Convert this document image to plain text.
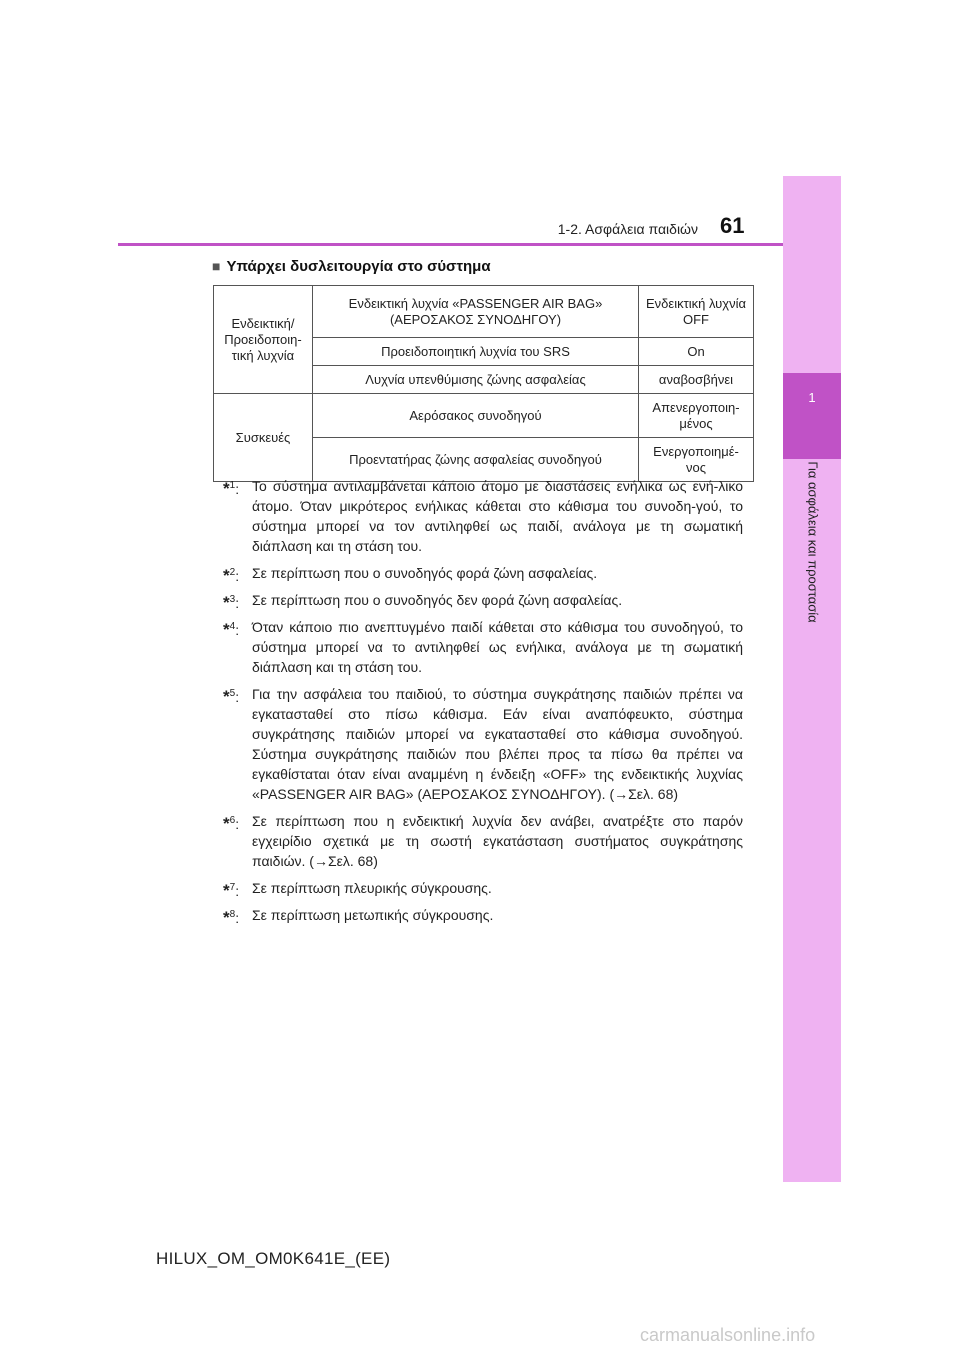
1
Για ασφάλεια και προστασία
1-2. Ασφάλεια παιδιών 61
■ Υπάρχει δυσλειτουργία στο σύστημα
Ενδεικτική/ Προειδοποιη-τική λυχνία	Ενδεικτική λυχνία «PASSENGER AIR BAG» (ΑΕΡΟΣΑΚΟΣ ΣΥΝΟΔΗΓΟΥ)	Ενδεικτική λυχνία OFF
	Προειδοποιητική λυχνία του SRS	On
	Λυχνία υπενθύμισης ζώνης ασφαλείας	αναβοσβήνει
Συσκευές	Αερόσακος συνοδηγού	Απενεργοποιη-μένος
	Προεντατήρας ζώνης ασφαλείας συνοδηγού	Ενεργοποιημέ-νος
*$^1$: Το σύστημα αντιλαμβάνεται κάποιο άτομο με διαστάσεις ενήλικα ως ενή-λικο άτομο. Όταν μικρότερος ενήλικας κάθεται στο κάθισμα του συνοδη-γού, το σύστημα μπορεί να τον αντιληφθεί ως παιδί, ανάλογα με τη σωματική διάπλαση και τη στάση του.
*$^2$: Σε περίπτωση που ο συνοδηγός φορά ζώνη ασφαλείας.
*$^3$: Σε περίπτωση που ο συνοδηγός δεν φορά ζώνη ασφαλείας.
*$^4$: Όταν κάποιο πιο ανεπτυγμένο παιδί κάθεται στο κάθισμα του συνοδηγού, το σύστημα μπορεί να το αντιληφθεί ως ενήλικα, ανάλογα με τη σωματική διάπλαση και τη στάση του.
*$^5$: Για την ασφάλεια του παιδιού, το σύστημα συγκράτησης παιδιών πρέπει να εγκατασταθεί στο πίσω κάθισμα. Εάν είναι αναπόφευκτο, σύστημα συγκράτησης παιδιών μπορεί να εγκατασταθεί στο κάθισμα συνοδηγού. Σύστημα συγκράτησης παιδιών που βλέπει προς τα πίσω θα πρέπει να εγκαθίσταται όταν είναι αναμμένη η ένδειξη «OFF» της ενδεικτικής λυχνίας «PASSENGER AIR BAG» (ΑΕΡΟΣΑΚΟΣ ΣΥΝΟΔΗΓΟΥ). (→Σελ. 68)
*$^6$: Σε περίπτωση που η ενδεικτική λυχνία δεν ανάβει, ανατρέξτε στο παρόν εγχειρίδιο σχετικά με τη σωστή εγκατάσταση συστήματος συγκράτησης παιδιών. (→Σελ. 68)
*$^7$: Σε περίπτωση πλευρικής σύγκρουσης.
*$^8$: Σε περίπτωση μετωπικής σύγκρουσης.
HILUX_OM_OM0K641E_(EE)
carmanualsonline.info
